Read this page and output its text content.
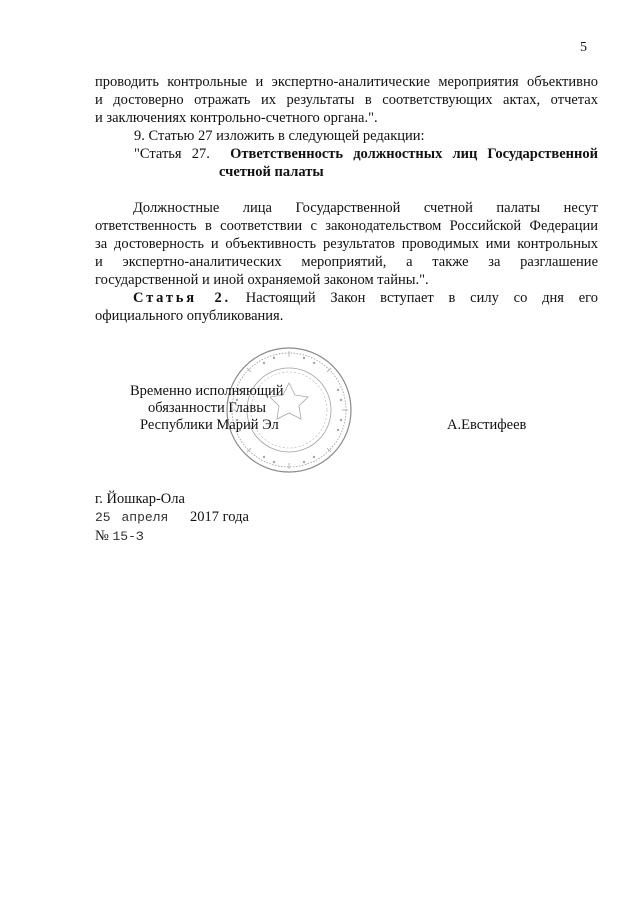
5
проводить контрольные и экспертно-аналитические мероприятия объективно
и достоверно отражать их результаты в соответствующих актах, отчетах
и заключениях контрольно-счетного органа.".
9. Статью 27 изложить в следующей редакции:
"Статья 27. Ответственность должностных лиц Государственной
счетной палаты
Должностные лица Государственной счетной палаты несут
ответственность в соответствии с законодательством Российской Федерации
за достоверность и объективность результатов проводимых ими контрольных
и экспертно-аналитических мероприятий, а также за разглашение
государственной и иной охраняемой законом тайны.".
Статья 2. Настоящий Закон вступает в силу со дня его
официального опубликования.
Временно исполняющий
обязанности Главы
Республики Марий Эл	А.Евстифеев
г. Йошкар-Ола
25 апреля 2017 года
№ 15-З
